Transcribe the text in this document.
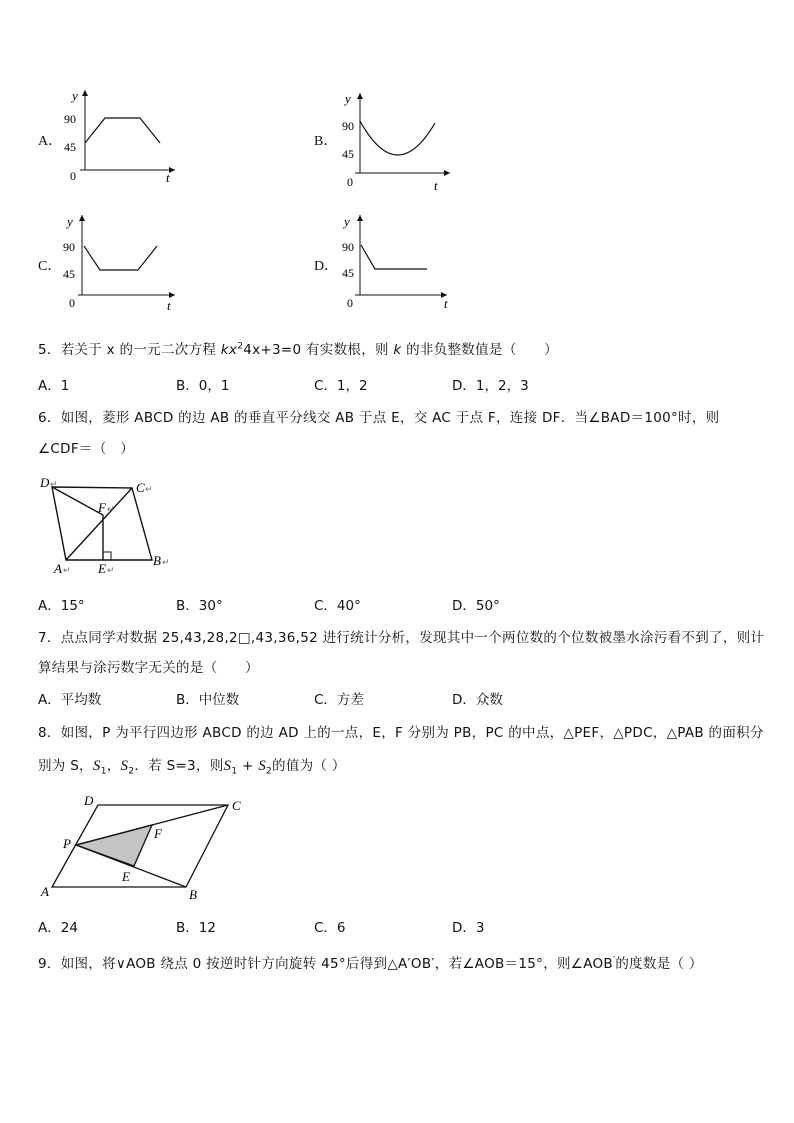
A．
y
90
45
0	t
B．
y
90
45
0	t
C．
y
90
45
0	t
D．
y
90
45
0	t
5．若关于 x 的一元二次方程 $kx^24x+3=0$ 有实数根，则 k 的非负整数值是（　　）
A．1	B．0，1	C．1，2	D．1，2，3
6．如图，菱形 ABCD 的边 AB 的垂直平分线交 AB 于点 E，交 AC 于点 F，连接 DF．当∠BAD＝100°时，则
∠CDF＝（　）
D ↵	C ↵
F ↵
A ↵ E ↵
B ↵
A．15°	B．30°	C．40°	D．50°
7．点点同学对数据 25,43,28,2□,43,36,52 进行统计分析，发现其中一个两位数的个位数被墨水涂污看不到了，则计
算结果与涂污数字无关的是（　　）
A．平均数	B．中位数	C．方差	D．众数
8．如图，P 为平行四边形 ABCD 的边 AD 上的一点，E，F 分别为 PB，PC 的中点，△PEF，△PDC，△PAB 的面积分
别为 S，$S_1$，$S_2$．若 S=3，则$S_1 + S_2$的值为（ ）
D	C
P
F
E
A	B
A．24	B．12	C．6	D．3
9．如图，将∨AOB 绕点 0 按逆时针方向旋转 45°后得到△A′OB′，若∠AOB＝15°，则∠AOB′的度数是（ ）
